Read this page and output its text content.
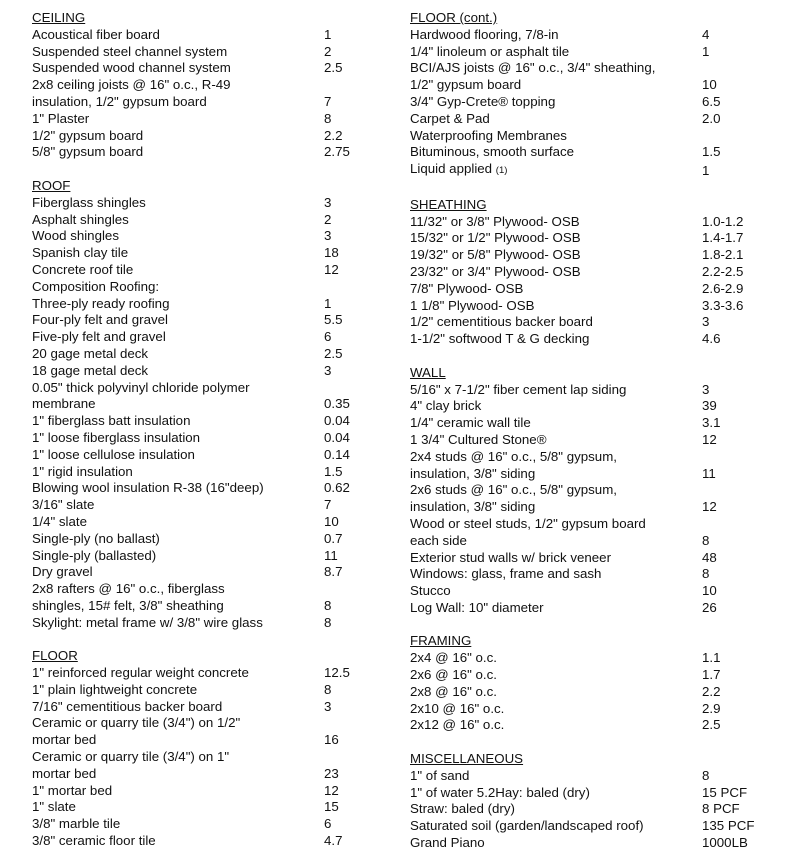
CEILING
Acoustical fiber board	1
Suspended steel channel system	2
Suspended wood channel system	2.5
2x8 ceiling joists @ 16" o.c., R-49
insulation, 1/2" gypsum board	7
1" Plaster	8
1/2" gypsum board	2.2
5/8" gypsum board	2.75
ROOF
Fiberglass shingles	3
Asphalt shingles	2
Wood shingles	3
Spanish clay tile	18
Concrete roof tile	12
Composition Roofing:
Three-ply ready roofing	1
Four-ply felt and gravel	5.5
Five-ply felt and gravel	6
20 gage metal deck	2.5
18 gage metal deck	3
0.05" thick polyvinyl chloride polymer
membrane	0.35
1" fiberglass batt insulation	0.04
1" loose fiberglass insulation	0.04
1" loose cellulose insulation	0.14
1" rigid insulation	1.5
Blowing wool insulation R-38 (16"deep)	0.62
3/16" slate	7
1/4" slate	10
Single-ply (no ballast)	0.7
Single-ply (ballasted)	11
Dry gravel	8.7
2x8 rafters @ 16" o.c., fiberglass
shingles, 15# felt, 3/8" sheathing	8
Skylight: metal frame w/ 3/8" wire glass	8
FLOOR
1" reinforced regular weight concrete	12.5
1" plain lightweight concrete	8
7/16" cementitious backer board	3
Ceramic or quarry tile (3/4") on 1/2"
mortar bed	16
Ceramic or quarry tile (3/4") on 1"
mortar bed	23
1" mortar bed	12
1" slate	15
3/8" marble tile	6
3/8" ceramic floor tile	4.7
FLOOR (cont.)
Hardwood flooring, 7/8-in	4
1/4" linoleum or asphalt tile	1
BCI/AJS joists @ 16" o.c., 3/4" sheathing,
1/2" gypsum board	10
3/4" Gyp-Crete® topping	6.5
Carpet & Pad	2.0
Waterproofing Membranes
Bituminous, smooth surface	1.5
Liquid applied (1)	1
SHEATHING
11/32" or 3/8" Plywood- OSB	1.0-1.2
15/32" or 1/2" Plywood- OSB	1.4-1.7
19/32" or 5/8" Plywood- OSB	1.8-2.1
23/32" or 3/4" Plywood- OSB	2.2-2.5
7/8" Plywood- OSB	2.6-2.9
1 1/8" Plywood- OSB	3.3-3.6
1/2" cementitious backer board	3
1-1/2" softwood T & G decking	4.6
WALL
5/16" x 7-1/2" fiber cement lap siding	3
4" clay brick	39
1/4" ceramic wall tile	3.1
1 3/4" Cultured Stone®	12
2x4 studs @ 16" o.c., 5/8" gypsum,
insulation, 3/8" siding	11
2x6 studs @ 16" o.c., 5/8" gypsum,
insulation, 3/8" siding	12
Wood or steel studs, 1/2" gypsum board
each side	8
Exterior stud walls w/ brick veneer	48
Windows: glass, frame and sash	8
Stucco	10
Log Wall: 10" diameter	26
FRAMING
2x4 @ 16" o.c.	1.1
2x6 @ 16" o.c.	1.7
2x8 @ 16" o.c.	2.2
2x10 @ 16" o.c.	2.9
2x12 @ 16" o.c.	2.5
MISCELLANEOUS
1" of sand	8
1" of water 5.2Hay: baled (dry)	15 PCF
Straw: baled (dry)	8 PCF
Saturated soil (garden/landscaped roof)	135 PCF
Grand Piano	1000LB
